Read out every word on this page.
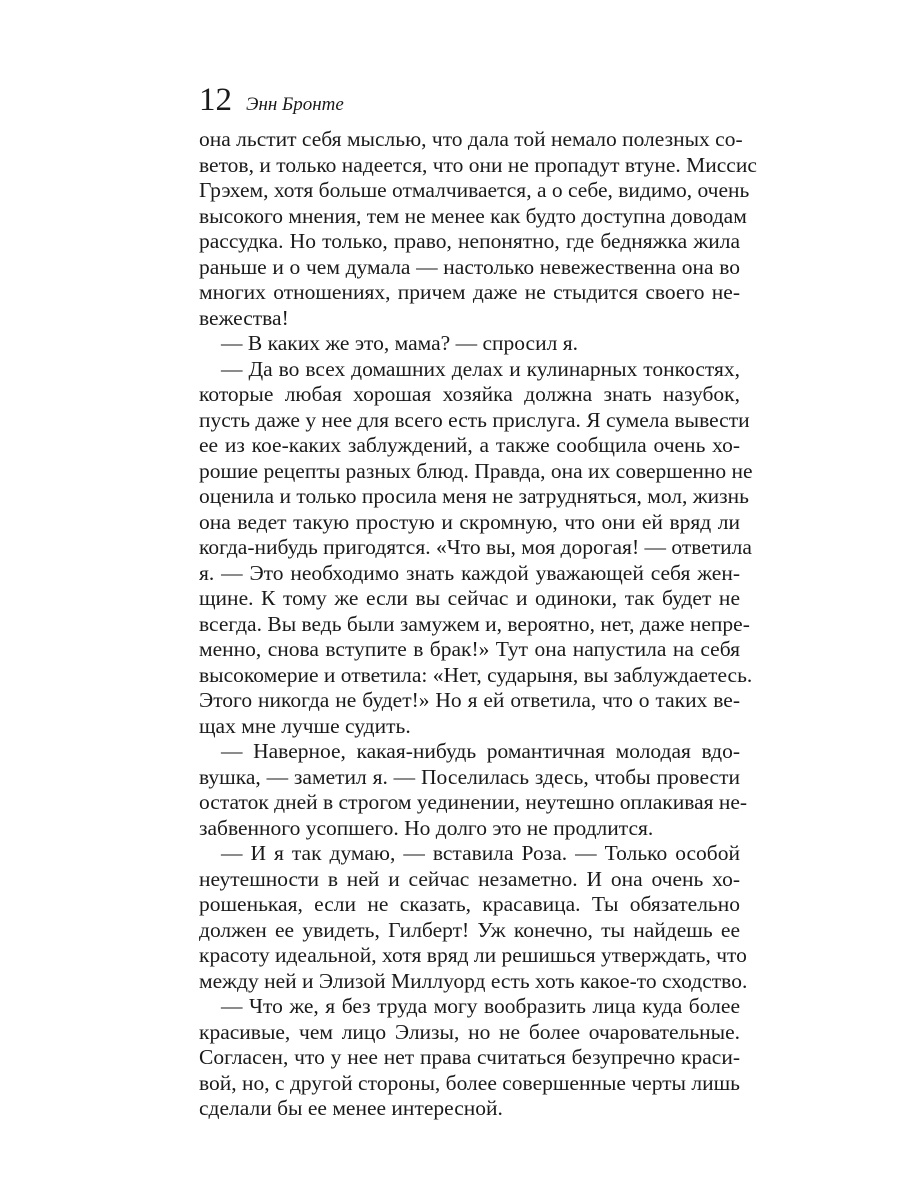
12 Энн Бронте
она льстит себя мыслью, что дала той немало полезных со-
ветов, и только надеется, что они не пропадут втуне. Миссис
Грэхем, хотя больше отмалчивается, а о себе, видимо, очень
высокого мнения, тем не менее как будто доступна доводам
рассудка. Но только, право, непонятно, где бедняжка жила
раньше и о чем думала — настолько невежественна она во
многих отношениях, причем даже не стыдится своего не-
вежества!
— В каких же это, мама? — спросил я.
— Да во всех домашних делах и кулинарных тонкостях,
которые любая хорошая хозяйка должна знать назубок,
пусть даже у нее для всего есть прислуга. Я сумела вывести
ее из кое-каких заблуждений, а также сообщила очень хо-
рошие рецепты разных блюд. Правда, она их совершенно не
оценила и только просила меня не затрудняться, мол, жизнь
она ведет такую простую и скромную, что они ей вряд ли
когда-нибудь пригодятся. «Что вы, моя дорогая! — ответила
я. — Это необходимо знать каждой уважающей себя жен-
щине. К тому же если вы сейчас и одиноки, так будет не
всегда. Вы ведь были замужем и, вероятно, нет, даже непре-
менно, снова вступите в брак!» Тут она напустила на себя
высокомерие и ответила: «Нет, сударыня, вы заблуждаетесь.
Этого никогда не будет!» Но я ей ответила, что о таких ве-
щах мне лучше судить.
— Наверное, какая-нибудь романтичная молодая вдо-
вушка, — заметил я. — Поселилась здесь, чтобы провести
остаток дней в строгом уединении, неутешно оплакивая не-
забвенного усопшего. Но долго это не продлится.
— И я так думаю, — вставила Роза. — Только особой
неутешности в ней и сейчас незаметно. И она очень хо-
рошенькая, если не сказать, красавица. Ты обязательно
должен ее увидеть, Гилберт! Уж конечно, ты найдешь ее
красоту идеальной, хотя вряд ли решишься утверждать, что
между ней и Элизой Миллуорд есть хоть какое-то сходство.
— Что же, я без труда могу вообразить лица куда более
красивые, чем лицо Элизы, но не более очаровательные.
Согласен, что у нее нет права считаться безупречно краси-
вой, но, с другой стороны, более совершенные черты лишь
сделали бы ее менее интересной.
